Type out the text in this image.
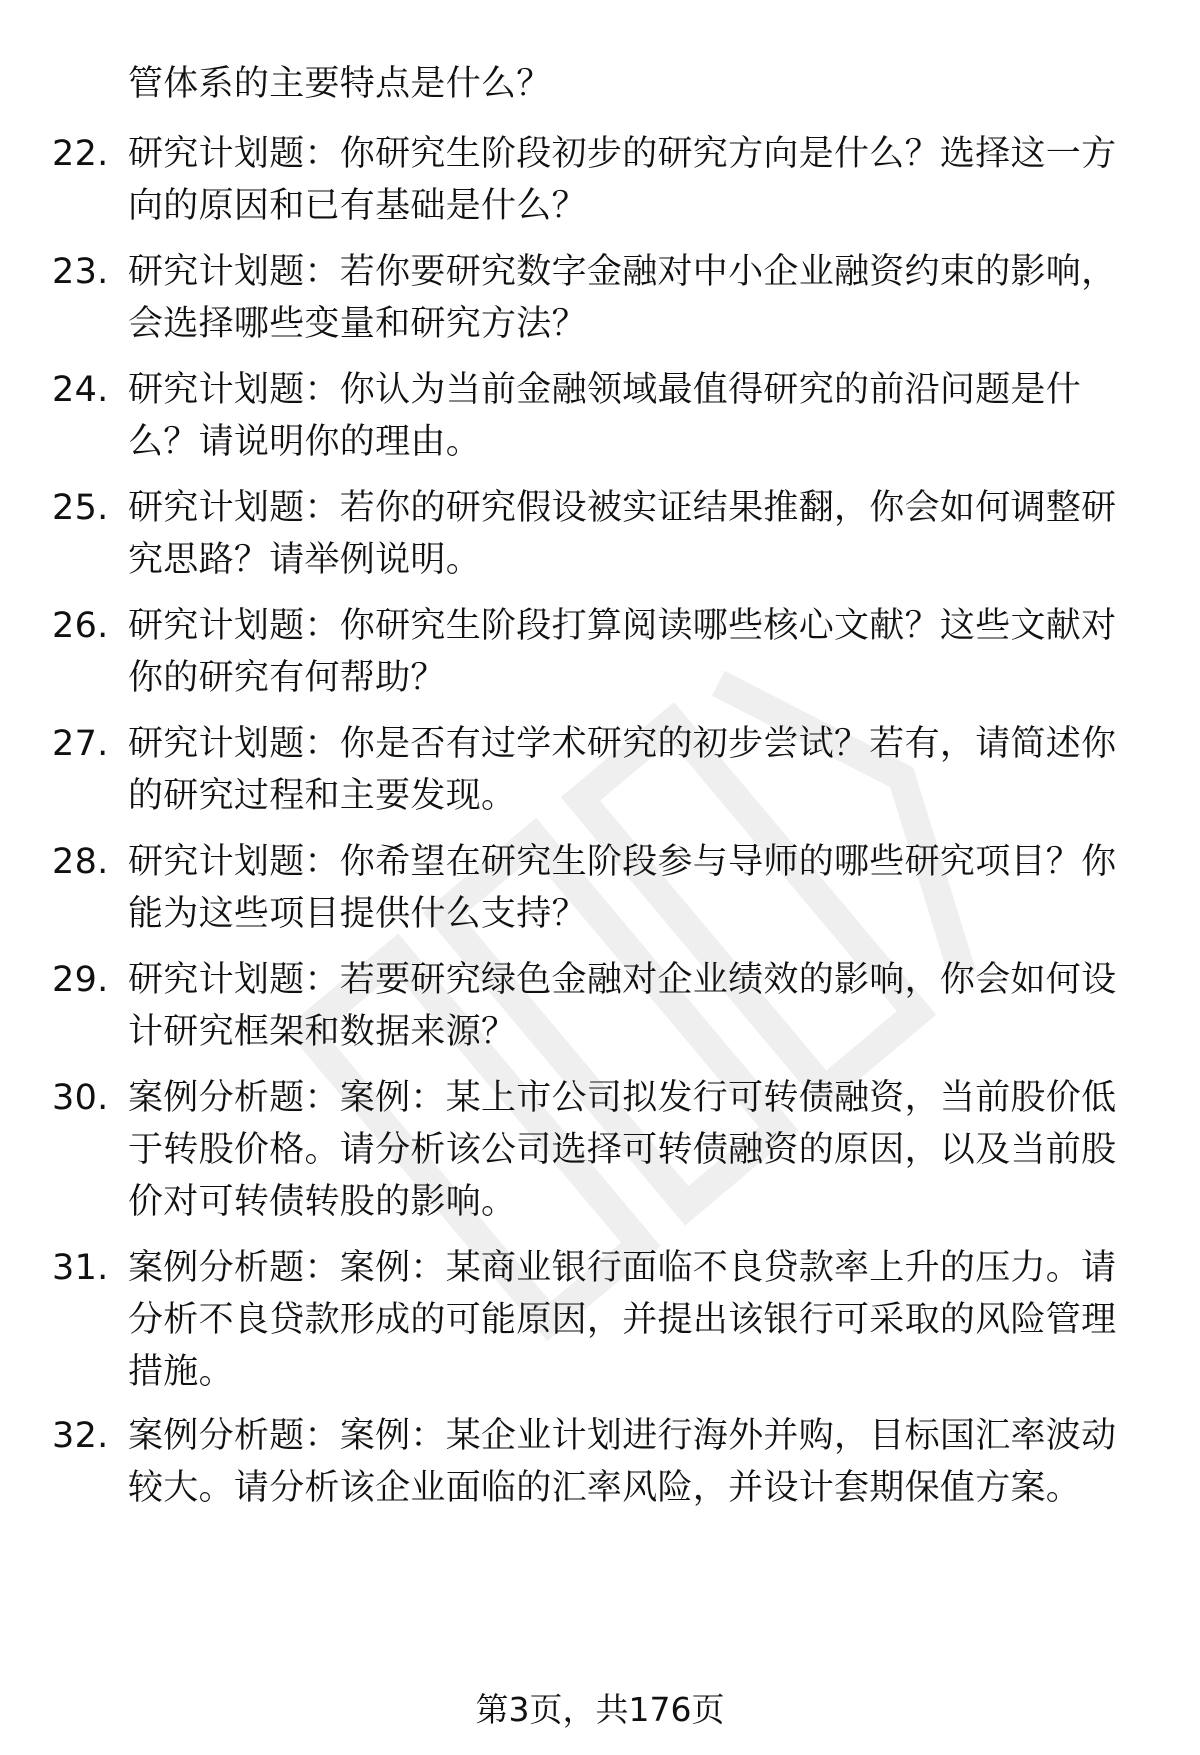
管体系的主要特点是什么？
22. 研究计划题：你研究生阶段初步的研究方向是什么？选择这一方向的原因和已有基础是什么？
23. 研究计划题：若你要研究数字金融对中小企业融资约束的影响，会选择哪些变量和研究方法？
24. 研究计划题：你认为当前金融领域最值得研究的前沿问题是什么？请说明你的理由。
25. 研究计划题：若你的研究假设被实证结果推翻，你会如何调整研究思路？请举例说明。
26. 研究计划题：你研究生阶段打算阅读哪些核心文献？这些文献对你的研究有何帮助？
27. 研究计划题：你是否有过学术研究的初步尝试？若有，请简述你的研究过程和主要发现。
28. 研究计划题：你希望在研究生阶段参与导师的哪些研究项目？你能为这些项目提供什么支持？
29. 研究计划题：若要研究绿色金融对企业绩效的影响，你会如何设计研究框架和数据来源？
30. 案例分析题：案例：某上市公司拟发行可转债融资，当前股价低于转股价格。请分析该公司选择可转债融资的原因，以及当前股价对可转债转股的影响。
31. 案例分析题：案例：某商业银行面临不良贷款率上升的压力。请分析不良贷款形成的可能原因，并提出该银行可采取的风险管理措施。
32. 案例分析题：案例：某企业计划进行海外并购，目标国汇率波动较大。请分析该企业面临的汇率风险，并设计套期保值方案。
第3页，共176页
